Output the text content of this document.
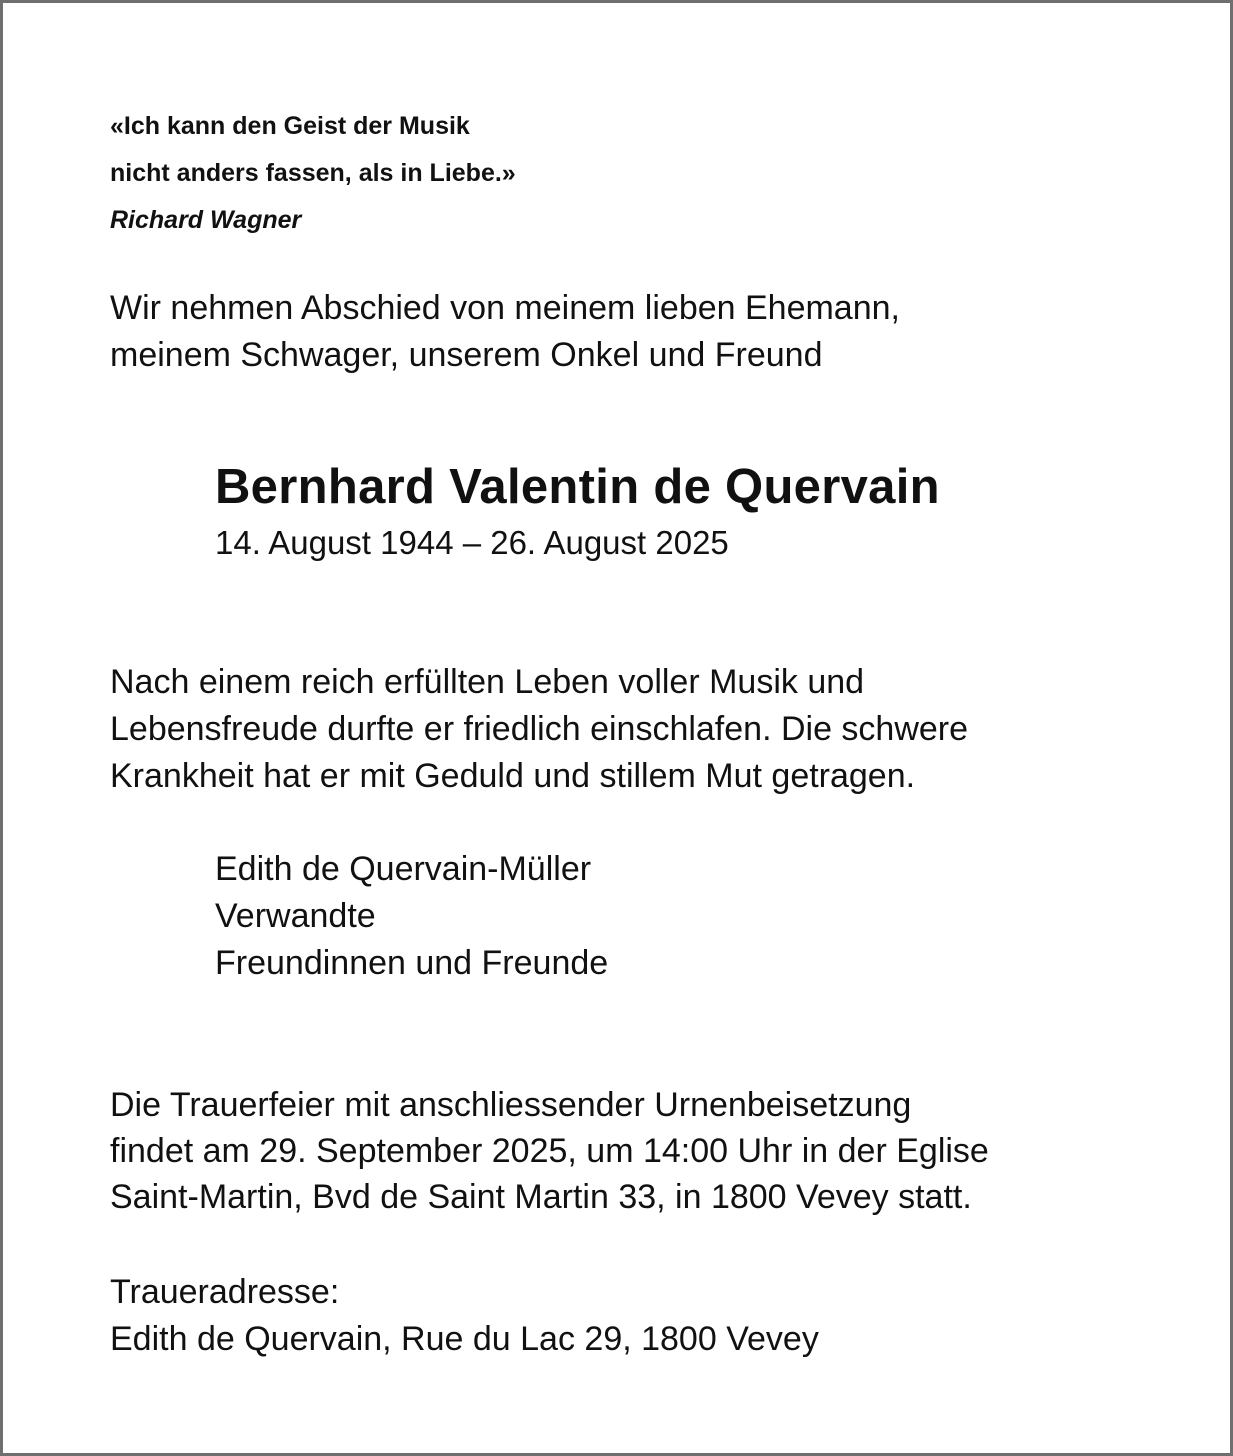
«Ich kann den Geist der Musik
nicht anders fassen, als in Liebe.»
Richard Wagner

Wir nehmen Abschied von meinem lieben Ehemann,
meinem Schwager, unserem Onkel und Freund

Bernhard Valentin de Quervain
14. August 1944 – 26. August 2025

Nach einem reich erfüllten Leben voller Musik und
Lebensfreude durfte er friedlich einschlafen. Die schwere
Krankheit hat er mit Geduld und stillem Mut getragen.

Edith de Quervain-Müller
Verwandte
Freundinnen und Freunde

Die Trauerfeier mit anschliessender Urnenbeisetzung
findet am 29. September 2025, um 14:00 Uhr in der Eglise
Saint-Martin, Bvd de Saint Martin 33, in 1800 Vevey statt.

Traueradresse:
Edith de Quervain, Rue du Lac 29, 1800 Vevey
